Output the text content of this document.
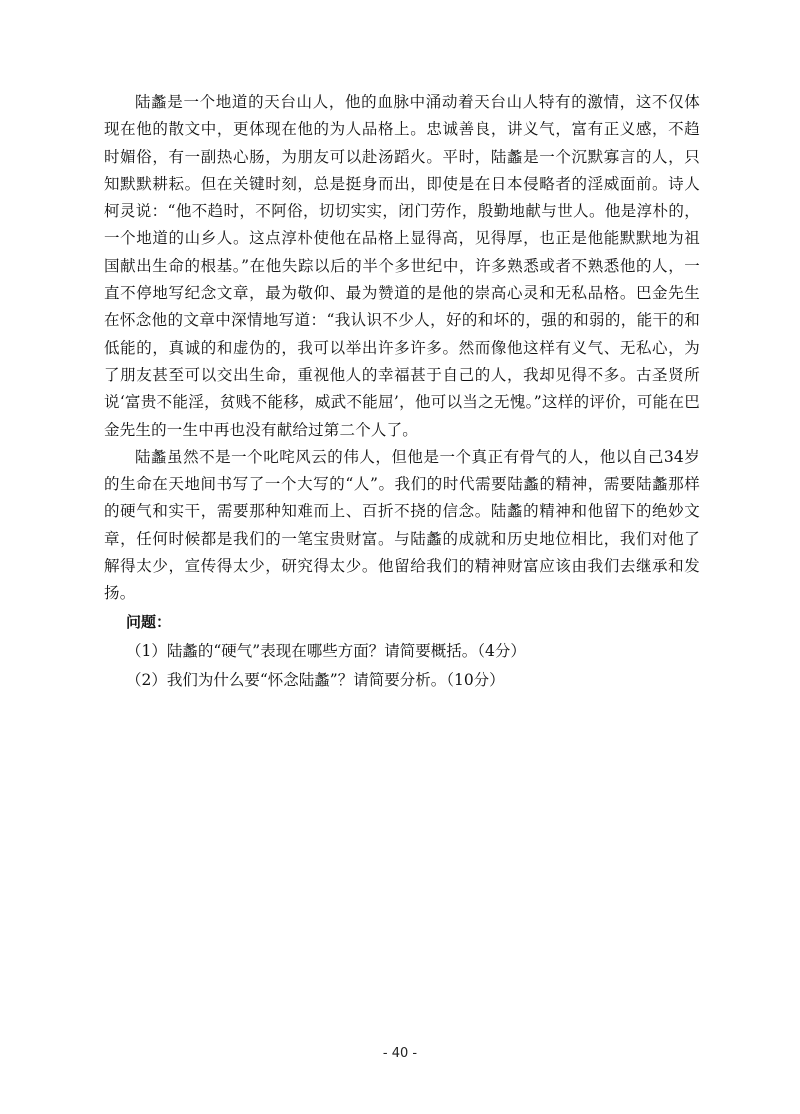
陆蠡是一个地道的天台山人，他的血脉中涌动着天台山人特有的激情，这不仅体现在他的散文中，更体现在他的为人品格上。忠诚善良，讲义气，富有正义感，不趋时媚俗，有一副热心肠，为朋友可以赴汤蹈火。平时，陆蠡是一个沉默寡言的人，只知默默耕耘。但在关键时刻，总是挺身而出，即使是在日本侵略者的淫威面前。诗人柯灵说：“他不趋时，不阿俗，切切实实，闭门劳作，殷勤地献与世人。他是淳朴的，一个地道的山乡人。这点淳朴使他在品格上显得高，见得厚，也正是他能默默地为祖国献出生命的根基。”在他失踪以后的半个多世纪中，许多熟悉或者不熟悉他的人，一直不停地写纪念文章，最为敬仰、最为赞道的是他的崇高心灵和无私品格。巴金先生在怀念他的文章中深情地写道：“我认识不少人，好的和坏的，强的和弱的，能干的和低能的，真诚的和虚伪的，我可以举出许多许多。然而像他这样有义气、无私心，为了朋友甚至可以交出生命，重视他人的幸福甚于自己的人，我却见得不多。古圣贤所说‘富贵不能淫，贫贱不能移，威武不能屈’，他可以当之无愧。”这样的评价，可能在巴金先生的一生中再也没有献给过第二个人了。

陆蠡虽然不是一个叱咤风云的伟人，但他是一个真正有骨气的人，他以自己34岁的生命在天地间书写了一个大写的“人”。我们的时代需要陆蠡的精神，需要陆蠡那样的硬气和实干，需要那种知难而上、百折不挠的信念。陆蠡的精神和他留下的绝妙文章，任何时候都是我们的一笔宝贵财富。与陆蠡的成就和历史地位相比，我们对他了解得太少，宣传得太少，研究得太少。他留给我们的精神财富应该由我们去继承和发扬。

问题：

（1）陆蠡的“硬气”表现在哪些方面？请简要概括。（4分）

（2）我们为什么要“怀念陆蠡”？请简要分析。（10分）

- 40 -
